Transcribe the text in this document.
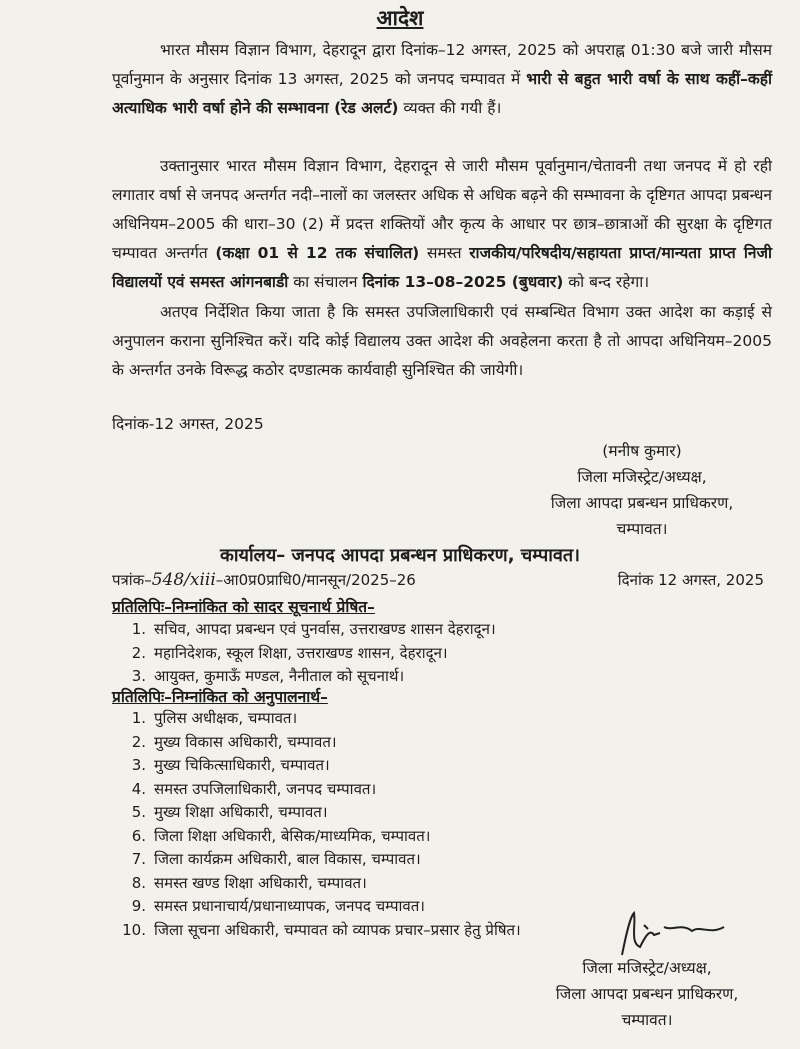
आदेश

भारत मौसम विज्ञान विभाग, देहरादून द्वारा दिनांक–12 अगस्त, 2025 को अपराह्न 01:30 बजे जारी मौसम पूर्वानुमान के अनुसार दिनांक 13 अगस्त, 2025 को जनपद चम्पावत में भारी से बहुत भारी वर्षा के साथ कहीं–कहीं अत्याधिक भारी वर्षा होने की सम्भावना (रेड अलर्ट) व्यक्त की गयी हैं।

उक्तानुसार भारत मौसम विज्ञान विभाग, देहरादून से जारी मौसम पूर्वानुमान/चेतावनी तथा जनपद में हो रही लगातार वर्षा से जनपद अन्तर्गत नदी–नालों का जलस्तर अधिक से अधिक बढ़ने की सम्भावना के दृष्टिगत आपदा प्रबन्धन अधिनियम–2005 की धारा–30 (2) में प्रदत्त शक्तियों और कृत्य के आधार पर छात्र–छात्राओं की सुरक्षा के दृष्टिगत चम्पावत अन्तर्गत (कक्षा 01 से 12 तक संचालित) समस्त राजकीय/परिषदीय/सहायता प्राप्त/मान्यता प्राप्त निजी विद्यालयों एवं समस्त आंगनबाडी का संचालन दिनांक 13–08–2025 (बुधवार) को बन्द रहेगा।

अतएव निर्देशित किया जाता है कि समस्त उपजिलाधिकारी एवं सम्बन्धित विभाग उक्त आदेश का कड़ाई से अनुपालन कराना सुनिश्चित करें। यदि कोई विद्यालय उक्त आदेश की अवहेलना करता है तो आपदा अधिनियम–2005 के अन्तर्गत उनके विरूद्ध कठोर दण्डात्मक कार्यवाही सुनिश्चित की जायेगी।

दिनांक-12 अगस्त, 2025
(मनीष कुमार)
जिला मजिस्ट्रेट/अध्यक्ष,
जिला आपदा प्रबन्धन प्राधिकरण,
चम्पावत।
कार्यालय– जनपद आपदा प्रबन्धन प्राधिकरण, चम्पावत।
पत्रांक–548/xiii–आ0प्र0प्राधि0/मानसून/2025–26	दिनांक 12 अगस्त, 2025
प्रतिलिपिः–निम्नांकित को सादर सूचनार्थ प्रेषित–
1. सचिव, आपदा प्रबन्धन एवं पुनर्वास, उत्तराखण्ड शासन देहरादून।
2. महानिदेशक, स्कूल शिक्षा, उत्तराखण्ड शासन, देहरादून।
3. आयुक्त, कुमाऊँ मण्डल, नैनीताल को सूचनार्थ।
प्रतिलिपिः–निम्नांकित को अनुपालनार्थ–
1. पुलिस अधीक्षक, चम्पावत।
2. मुख्य विकास अधिकारी, चम्पावत।
3. मुख्य चिकित्साधिकारी, चम्पावत।
4. समस्त उपजिलाधिकारी, जनपद चम्पावत।
5. मुख्य शिक्षा अधिकारी, चम्पावत।
6. जिला शिक्षा अधिकारी, बेसिक/माध्यमिक, चम्पावत।
7. जिला कार्यक्रम अधिकारी, बाल विकास, चम्पावत।
8. समस्त खण्ड शिक्षा अधिकारी, चम्पावत।
9. समस्त प्रधानाचार्य/प्रधानाध्यापक, जनपद चम्पावत।
10. जिला सूचना अधिकारी, चम्पावत को व्यापक प्रचार–प्रसार हेतु प्रेषित।
जिला मजिस्ट्रेट/अध्यक्ष,
जिला आपदा प्रबन्धन प्राधिकरण,
चम्पावत।
